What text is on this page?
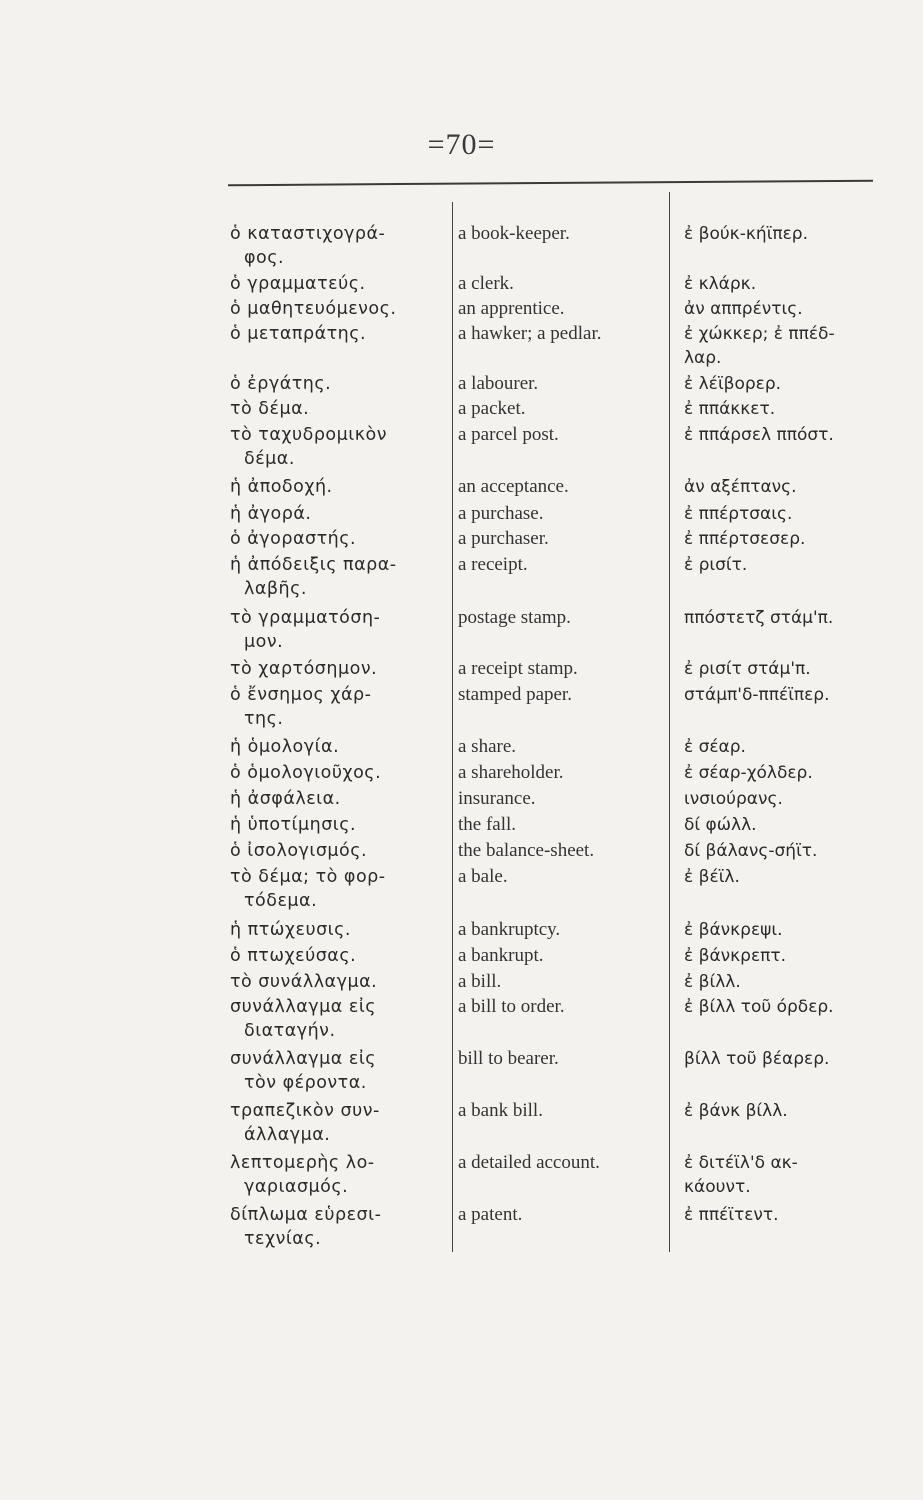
=70=
ὁ καταστιχογρά-
φος.
a book-keeper.	ἐ βούκ-κήϊπερ.
ὁ γραμματεύς.	a clerk.	ἐ κλάρκ.
ὁ μαθητευόμενος.	an apprentice.	ἀν αππρέντις.
ὁ μεταπράτης.	a hawker; a pedlar.	ἐ χώκκερ; ἐ ππέδ-
λαρ.
ὁ ἐργάτης.	a labourer.	ἐ λέϊβορερ.
τὸ δέμα.	a packet.	ἐ ππάκκετ.
τὸ ταχυδρομικὸν
δέμα.
a parcel post.	ἐ ππάρσελ ππόστ.
ἡ ἀποδοχή.	an acceptance.	ἀν αξέπτανς.
ἡ ἀγορά.	a purchase.	ἐ ππέρτσαις.
ὁ ἀγοραστής.	a purchaser.	ἐ ππέρτσεσερ.
ἡ ἀπόδειξις παρα-
λαβῆς.
a receipt.	ἐ ρισίτ.
τὸ γραμματόση-
μον.
postage stamp.	ππόστετζ στάμ'π.
τὸ χαρτόσημον.	a receipt stamp.	ἐ ρισίτ στάμ'π.
ὁ ἔνσημος χάρ-
της.
stamped paper.	στάμπ'δ-ππέϊπερ.
ἡ ὁμολογία.	a share.	ἐ σέαρ.
ὁ ὁμολογιοῦχος.	a shareholder.	ἐ σέαρ-χόλδερ.
ἡ ἀσφάλεια.	insurance.	ινσιούρανς.
ἡ ὑποτίμησις.	the fall.	δί φώλλ.
ὁ ἰσολογισμός.	the balance-sheet.	δί βάλανς-σήϊτ.
τὸ δέμα; τὸ φορ-
τόδεμα.
a bale.	ἐ βέϊλ.
ἡ πτώχευσις.	a bankruptcy.	ἐ βάνκρεψι.
ὁ πτωχεύσας.	a bankrupt.	ἐ βάνκρεπτ.
τὸ συνάλλαγμα.	a bill.	ἐ βίλλ.
συνάλλαγμα εἰς
διαταγήν.
a bill to order.	ἐ βίλλ τοῦ όρδερ.
συνάλλαγμα εἰς
τὸν φέροντα.
bill to bearer.	βίλλ τοῦ βέαρερ.
τραπεζικὸν συν-
άλλαγμα.
a bank bill.	ἐ βάνκ βίλλ.
λεπτομερὴς λο-
γαριασμός.
a detailed account.	ἐ διτέϊλ'δ ακ-
κάουντ.
δίπλωμα εὑρεσι-
τεχνίας.
a patent.	ἐ ππέϊτεντ.
